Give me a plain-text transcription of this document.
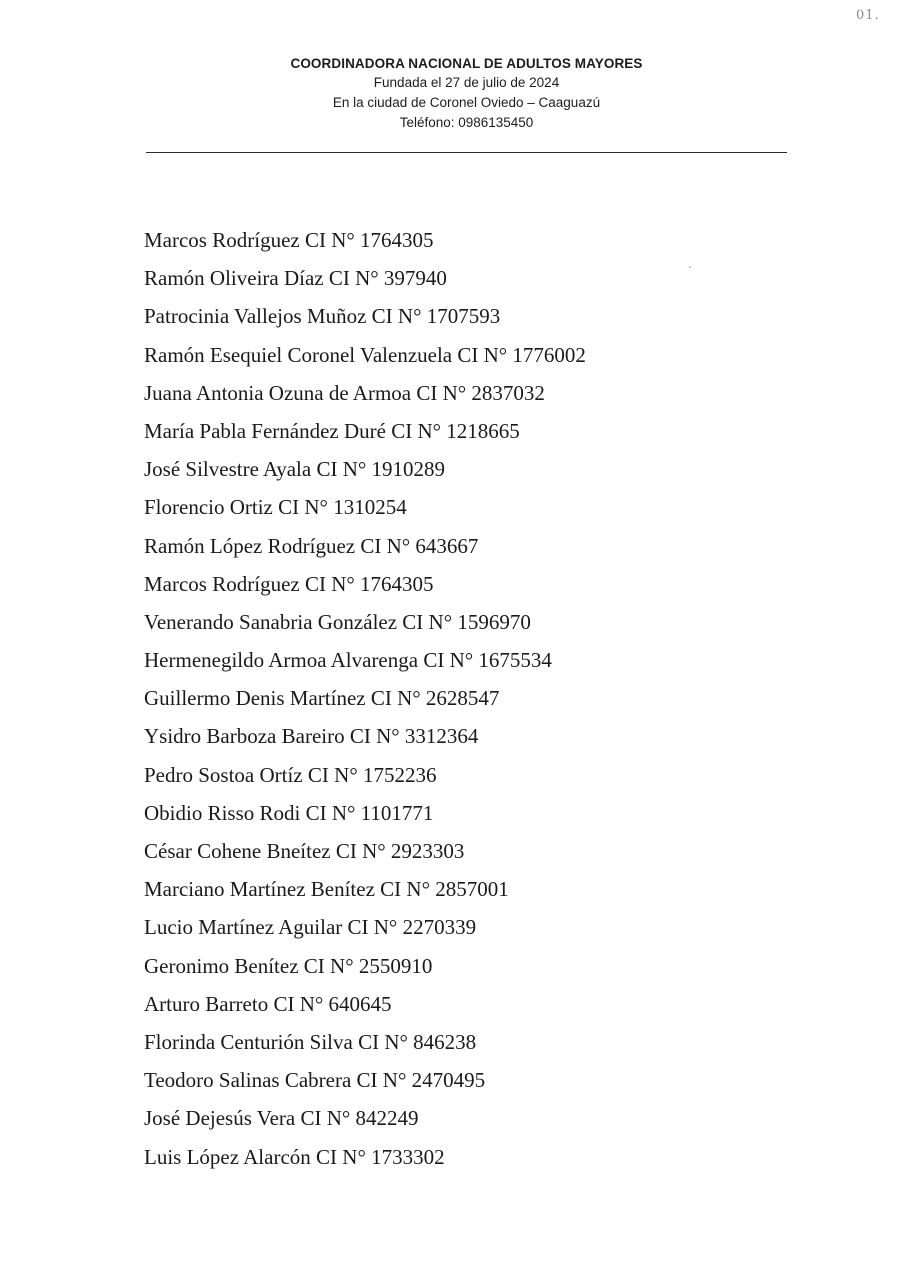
01.
COORDINADORA NACIONAL DE ADULTOS MAYORES
Fundada el 27 de julio de 2024
En la ciudad de Coronel Oviedo – Caaguazú
Teléfono: 0986135450
Marcos Rodríguez CI N° 1764305
Ramón Oliveira Díaz CI N° 397940
Patrocinia Vallejos Muñoz CI N° 1707593
Ramón Esequiel Coronel Valenzuela CI N° 1776002
Juana Antonia Ozuna de Armoa CI N° 2837032
María Pabla Fernández Duré CI N° 1218665
José Silvestre Ayala CI N° 1910289
Florencio Ortiz CI N° 1310254
Ramón López Rodríguez CI N° 643667
Marcos Rodríguez CI N° 1764305
Venerando Sanabria González CI N° 1596970
Hermenegildo Armoa Alvarenga CI N° 1675534
Guillermo Denis Martínez CI N° 2628547
Ysidro Barboza Bareiro CI N° 3312364
Pedro Sostoa Ortíz CI N° 1752236
Obidio Risso Rodi CI N° 1101771
César Cohene Bneítez CI N° 2923303
Marciano Martínez Benítez CI N° 2857001
Lucio Martínez Aguilar CI N° 2270339
Geronimo Benítez CI N° 2550910
Arturo Barreto CI N° 640645
Florinda Centurión Silva CI N° 846238
Teodoro Salinas Cabrera CI N° 2470495
José Dejesús Vera CI N° 842249
Luis López Alarcón CI N° 1733302
